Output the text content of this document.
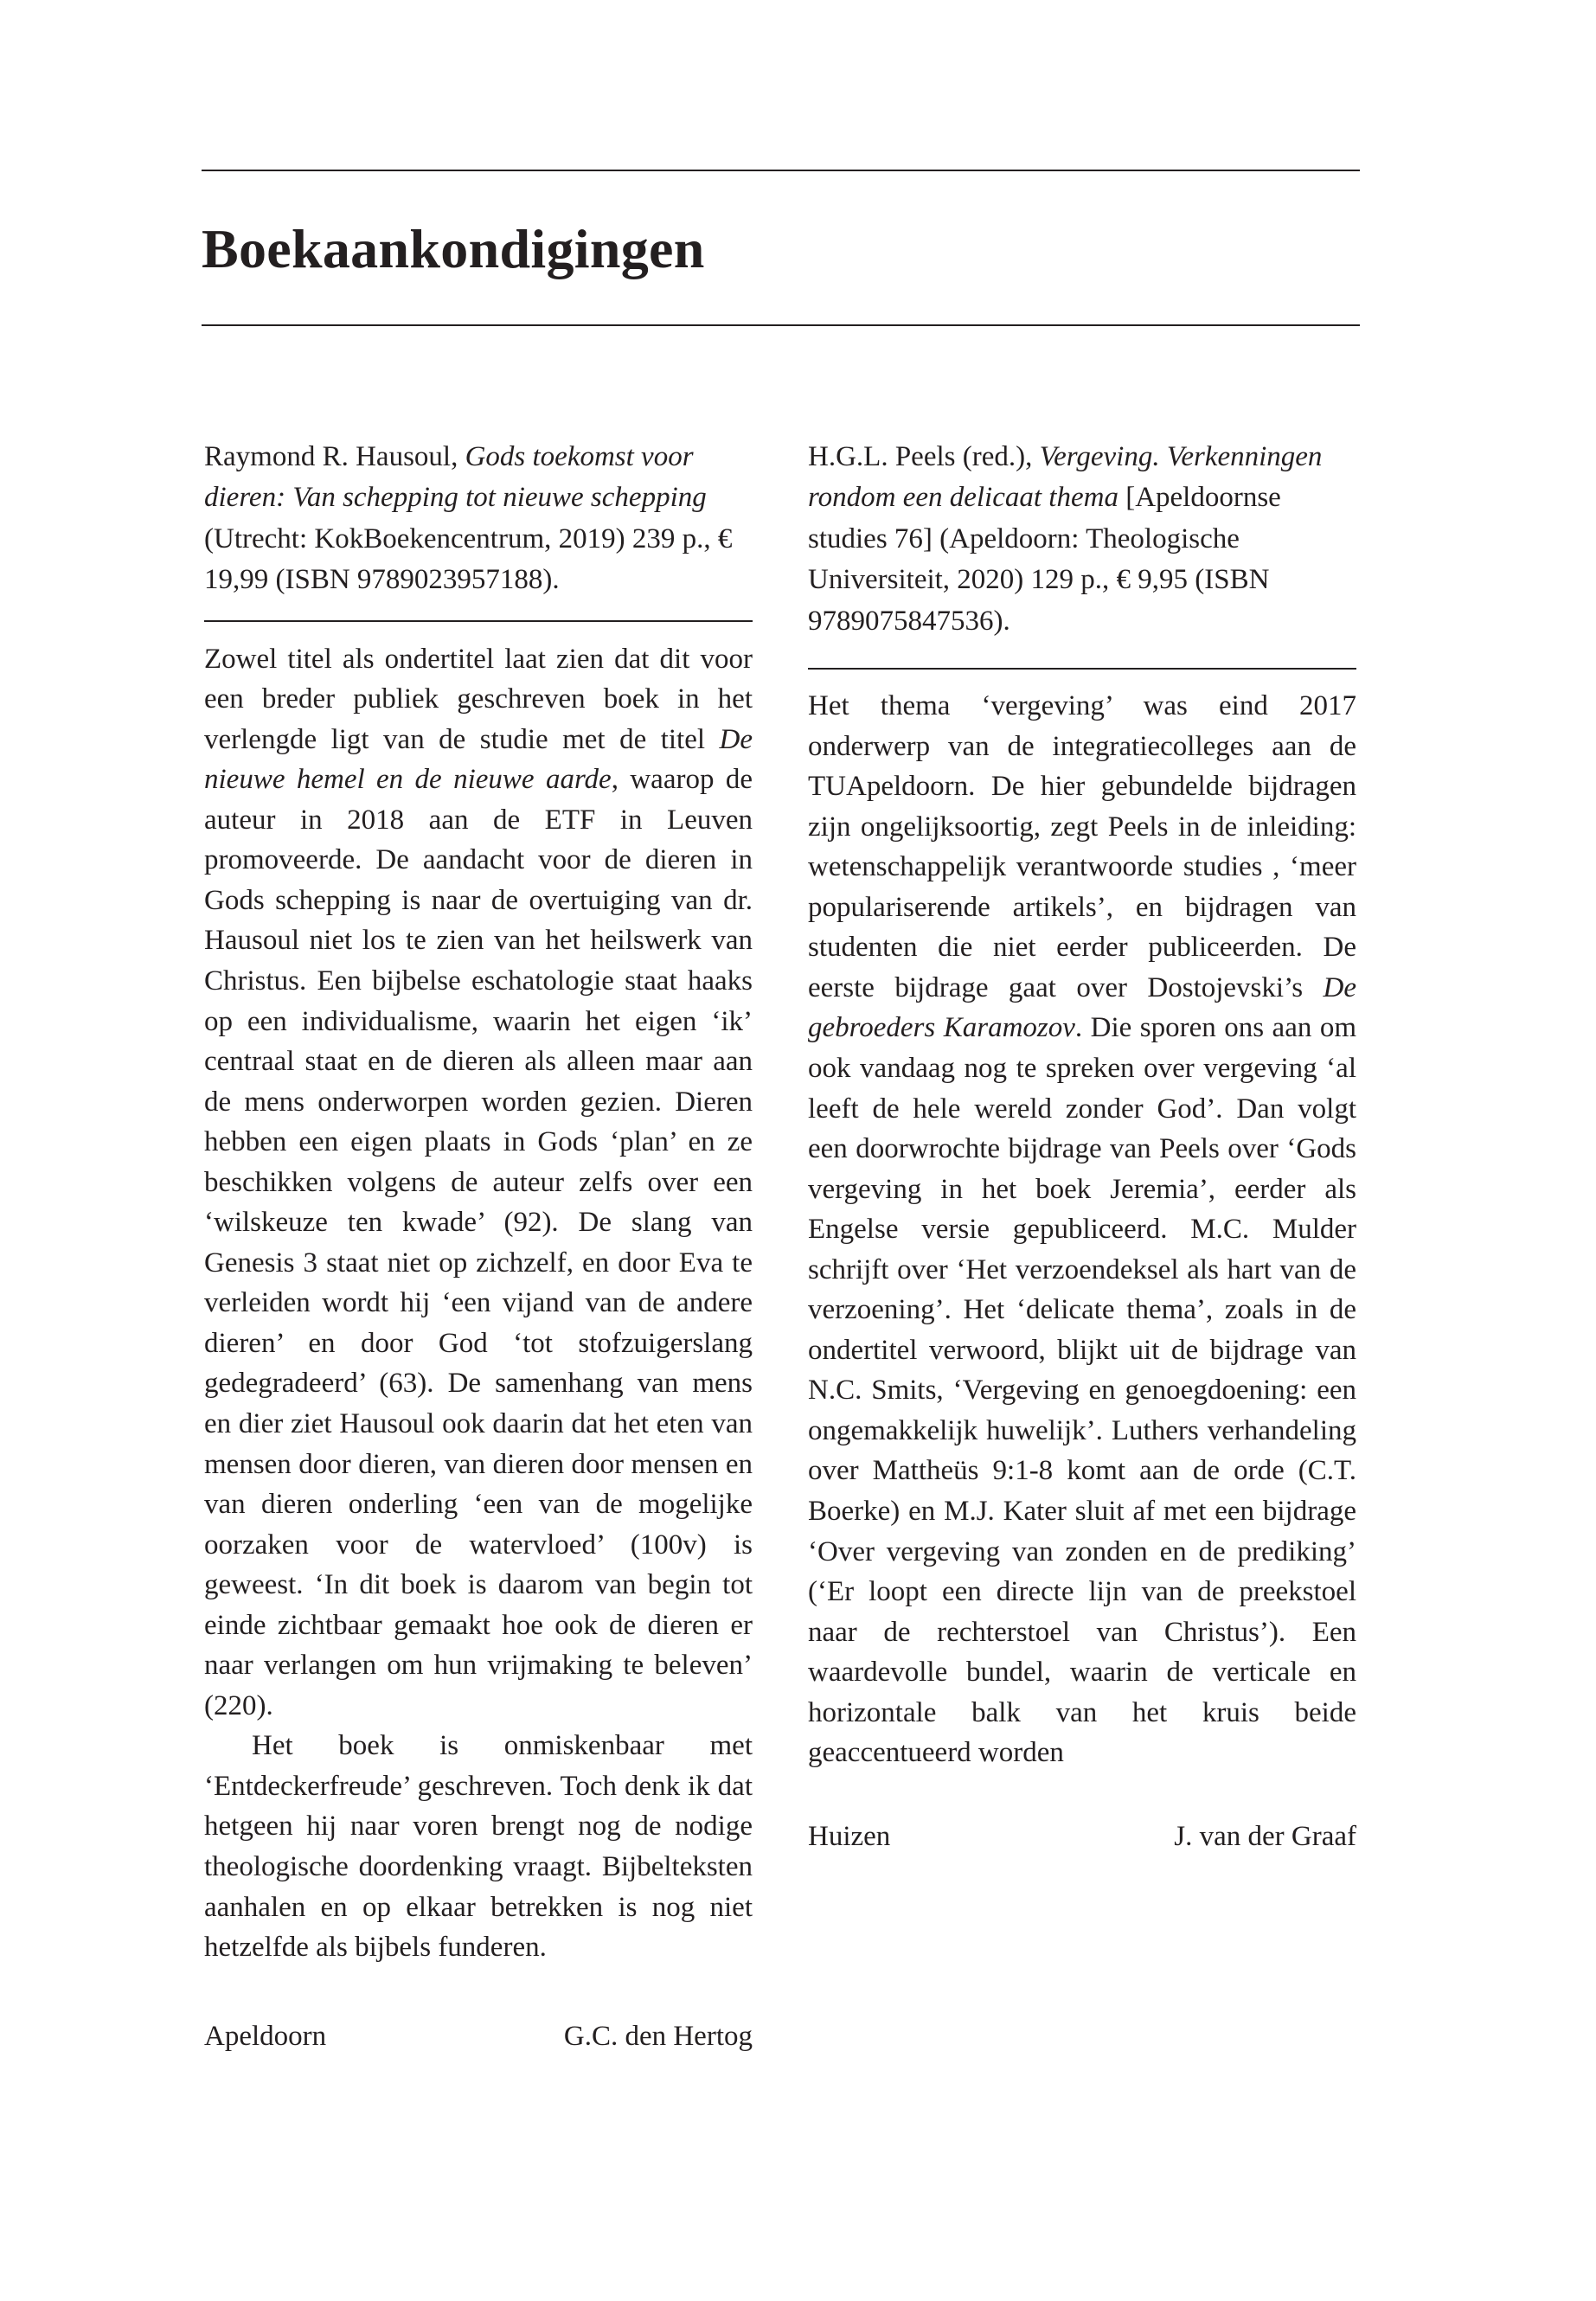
Boekaankondigingen

Raymond R. Hausoul, Gods toekomst voor dieren: Van schepping tot nieuwe schepping (Utrecht: KokBoekencentrum, 2019) 239 p., € 19,99 (ISBN 9789023957188).

Zowel titel als ondertitel laat zien dat dit voor een breder publiek geschreven boek in het verlengde ligt van de studie met de titel De nieuwe hemel en de nieuwe aarde, waarop de auteur in 2018 aan de ETF in Leuven promoveerde. De aandacht voor de dieren in Gods schepping is naar de overtuiging van dr. Hausoul niet los te zien van het heilswerk van Christus. Een bijbelse eschatologie staat haaks op een individualisme, waarin het eigen ‘ik’ centraal staat en de dieren als alleen maar aan de mens onderworpen worden gezien. Dieren hebben een eigen plaats in Gods ‘plan’ en ze beschikken volgens de auteur zelfs over een ‘wilskeuze ten kwade’ (92). De slang van Genesis 3 staat niet op zichzelf, en door Eva te verleiden wordt hij ‘een vijand van de andere dieren’ en door God ‘tot stofzuigerslang gedegradeerd’ (63). De samenhang van mens en dier ziet Hausoul ook daarin dat het eten van mensen door dieren, van dieren door mensen en van dieren onderling ‘een van de mogelijke oorzaken voor de watervloed’ (100v) is geweest. ‘In dit boek is daarom van begin tot einde zichtbaar gemaakt hoe ook de dieren er naar verlangen om hun vrijmaking te beleven’ (220).

Het boek is onmiskenbaar met ‘Entdeckerfreude’ geschreven. Toch denk ik dat hetgeen hij naar voren brengt nog de nodige theologische doordenking vraagt. Bijbelteksten aanhalen en op elkaar betrekken is nog niet hetzelfde als bijbels funderen.

Apeldoorn	G.C. den Hertog

H.G.L. Peels (red.), Vergeving. Verkenningen rondom een delicaat thema [Apeldoornse studies 76] (Apeldoorn: Theologische Universiteit, 2020) 129 p., € 9,95 (ISBN 9789075847536).

Het thema ‘vergeving’ was eind 2017 onderwerp van de integratiecolleges aan de TUApeldoorn. De hier gebundelde bijdragen zijn ongelijksoortig, zegt Peels in de inleiding: wetenschappelijk verantwoorde studies , ‘meer populariserende artikels’, en bijdragen van studenten die niet eerder publiceerden. De eerste bijdrage gaat over Dostojevski’s De gebroeders Karamozov. Die sporen ons aan om ook vandaag nog te spreken over vergeving ‘al leeft de hele wereld zonder God’. Dan volgt een doorwrochte bijdrage van Peels over ‘Gods vergeving in het boek Jeremia’, eerder als Engelse versie gepubliceerd. M.C. Mulder schrijft over ‘Het verzoendeksel als hart van de verzoening’. Het ‘delicate thema’, zoals in de ondertitel verwoord, blijkt uit de bijdrage van N.C. Smits, ‘Vergeving en genoegdoening: een ongemakkelijk huwelijk’. Luthers verhandeling over Mattheüs 9:1-8 komt aan de orde (C.T. Boerke) en M.J. Kater sluit af met een bijdrage ‘Over vergeving van zonden en de prediking’ (‘Er loopt een directe lijn van de preekstoel naar de rechterstoel van Christus’). Een waardevolle bundel, waarin de verticale en horizontale balk van het kruis beide geaccentueerd worden

Huizen	J. van der Graaf
